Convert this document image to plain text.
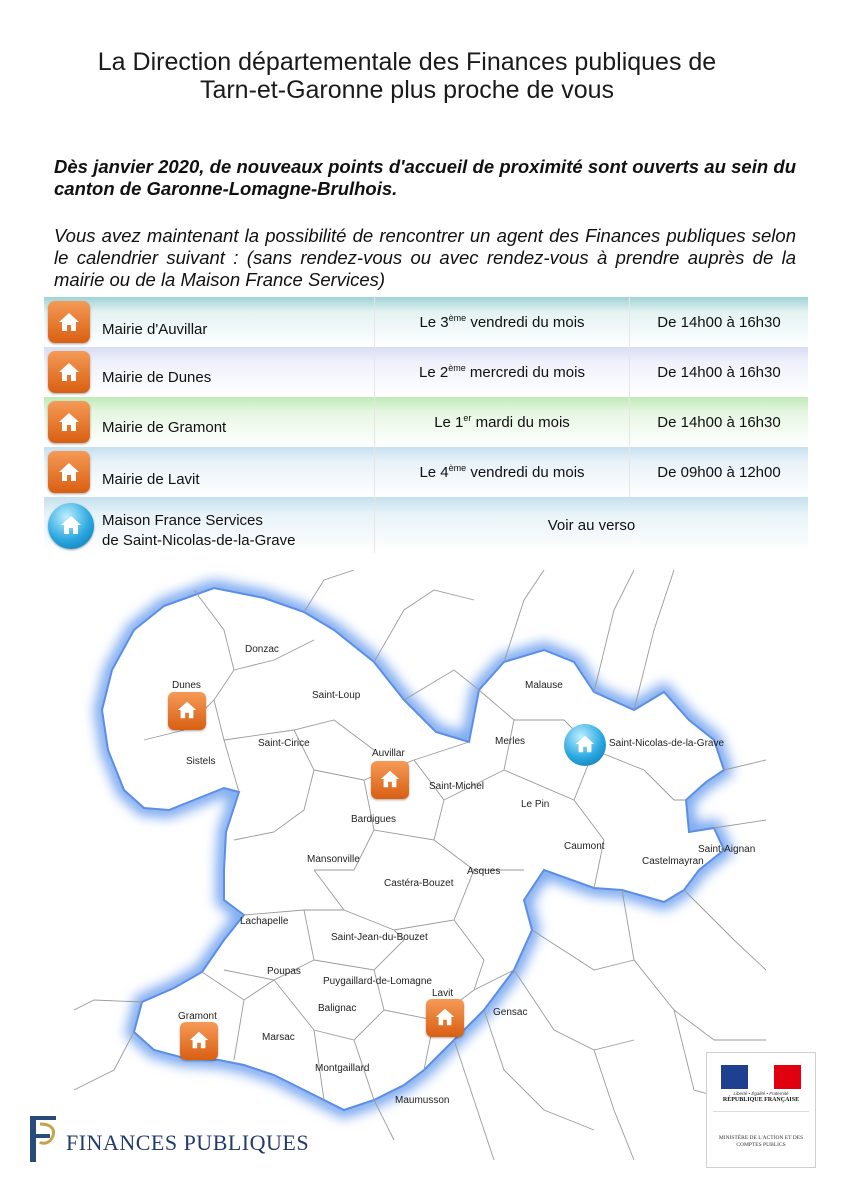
La Direction départementale des Finances publiques de
Tarn-et-Garonne plus proche de vous
Dès janvier 2020, de nouveaux points d'accueil de proximité sont ouverts au sein du canton de Garonne-Lomagne-Brulhois.
Vous avez maintenant la possibilité de rencontrer un agent des Finances publiques selon le calendrier suivant : (sans rendez-vous ou avec rendez-vous à prendre auprès de la mairie ou de la Maison France Services)
Mairie d'Auvillar	Le 3ème vendredi du mois	De 14h00 à 16h30
Mairie de Dunes	Le 2ème mercredi du mois	De 14h00 à 16h30
Mairie de Gramont	Le 1er mardi du mois	De 14h00 à 16h30
Mairie de Lavit	Le 4ème vendredi du mois	De 09h00 à 12h00
Maison France Services
de Saint-Nicolas-de-la-Grave
Voir au verso
Donzac
Dunes
Saint-Loup
Malause
Saint-Cirice
Auvillar
Merles	Saint-Nicolas-de-la-Grave
Sistels
Saint-Michel
Le Pin
Bardigues
Caumont	Saint-Aignan
Mansonville	Castelmayran
Asques
Castéra-Bouzet
Lachapelle
Saint-Jean-du-Bouzet
Poupas
Puygaillard-de-Lomagne
Lavit
Balignac	Gensac
Gramont
Marsac
Montgaillard
Maumusson
FINANCES PUBLIQUES
Liberté • Égalité • Fraternité
RÉPUBLIQUE FRANÇAISE
MINISTÈRE DE L'ACTION ET DES COMPTES PUBLICS
